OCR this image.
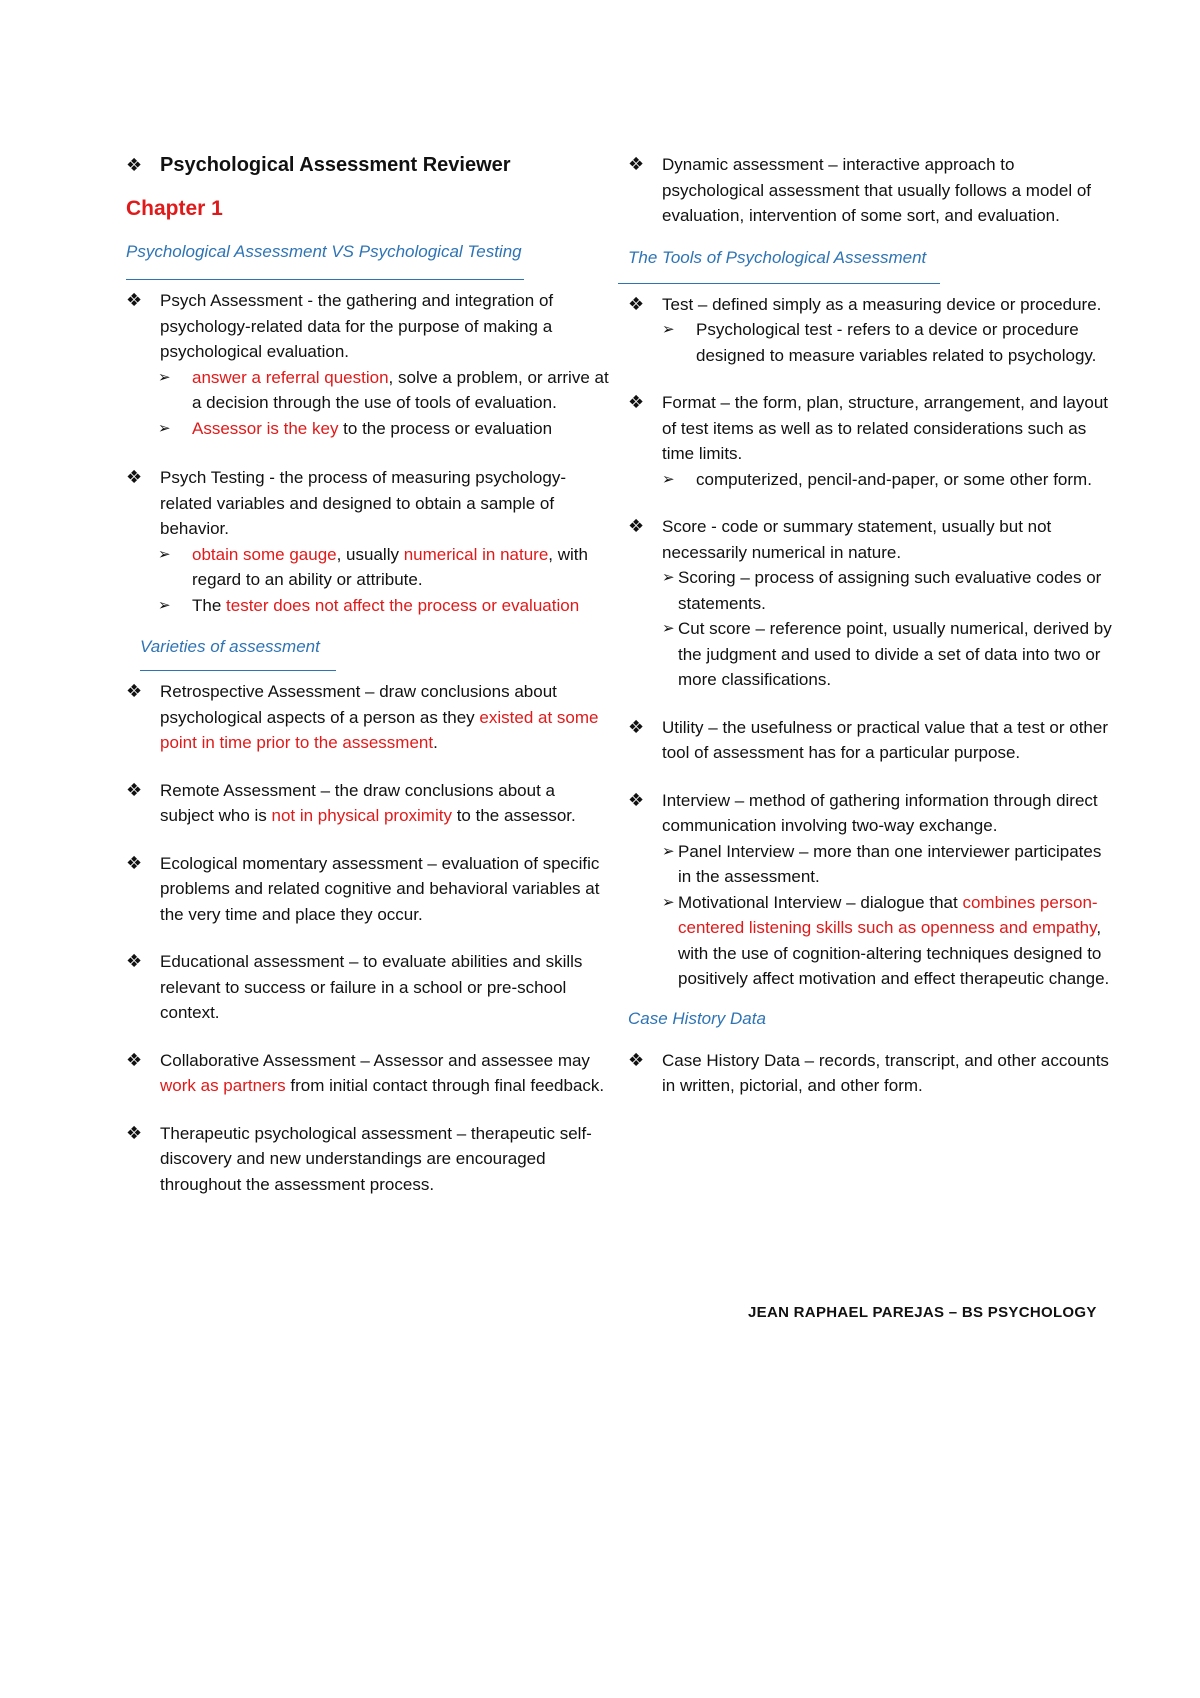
❖ Psychological Assessment Reviewer
Chapter 1
Psychological Assessment VS Psychological Testing
❖	Psych Assessment - the gathering and integration of psychology-related data for the purpose of making a psychological evaluation.
➢	answer a referral question, solve a problem, or arrive at a decision through the use of tools of evaluation.
➢	Assessor is the key to the process or evaluation
❖	Psych Testing - the process of measuring psychology-related variables and designed to obtain a sample of behavior.
➢	obtain some gauge, usually numerical in nature, with regard to an ability or attribute.
➢	The tester does not affect the process or evaluation
Varieties of assessment
❖	Retrospective Assessment – draw conclusions about psychological aspects of a person as they existed at some point in time prior to the assessment.
❖	Remote Assessment – the draw conclusions about a subject who is not in physical proximity to the assessor.
❖	Ecological momentary assessment – evaluation of specific problems and related cognitive and behavioral variables at the very time and place they occur.
❖	Educational assessment – to evaluate abilities and skills relevant to success or failure in a school or pre-school context.
❖	Collaborative Assessment – Assessor and assessee may work as partners from initial contact through final feedback.
❖	Therapeutic psychological assessment – therapeutic self-discovery and new understandings are encouraged throughout the assessment process.
❖	Dynamic assessment – interactive approach to psychological assessment that usually follows a model of evaluation, intervention of some sort, and evaluation.
The Tools of Psychological Assessment
❖	Test – defined simply as a measuring device or procedure.
➢	Psychological test - refers to a device or procedure designed to measure variables related to psychology.
❖	Format – the form, plan, structure, arrangement, and layout of test items as well as to related considerations such as time limits.
➢	computerized, pencil-and-paper, or some other form.
❖	Score - code or summary statement, usually but not necessarily numerical in nature.
➢ Scoring – process of assigning such evaluative codes or statements.
➢ Cut score – reference point, usually numerical, derived by the judgment and used to divide a set of data into two or more classifications.
❖	Utility – the usefulness or practical value that a test or other tool of assessment has for a particular purpose.
❖	Interview – method of gathering information through direct communication involving two-way exchange.
➢ Panel Interview – more than one interviewer participates in the assessment.
➢ Motivational Interview – dialogue that combines person-centered listening skills such as openness and empathy, with the use of cognition-altering techniques designed to positively affect motivation and effect therapeutic change.
Case History Data
❖	Case History Data – records, transcript, and other accounts in written, pictorial, and other form.
JEAN RAPHAEL PAREJAS – BS PSYCHOLOGY
